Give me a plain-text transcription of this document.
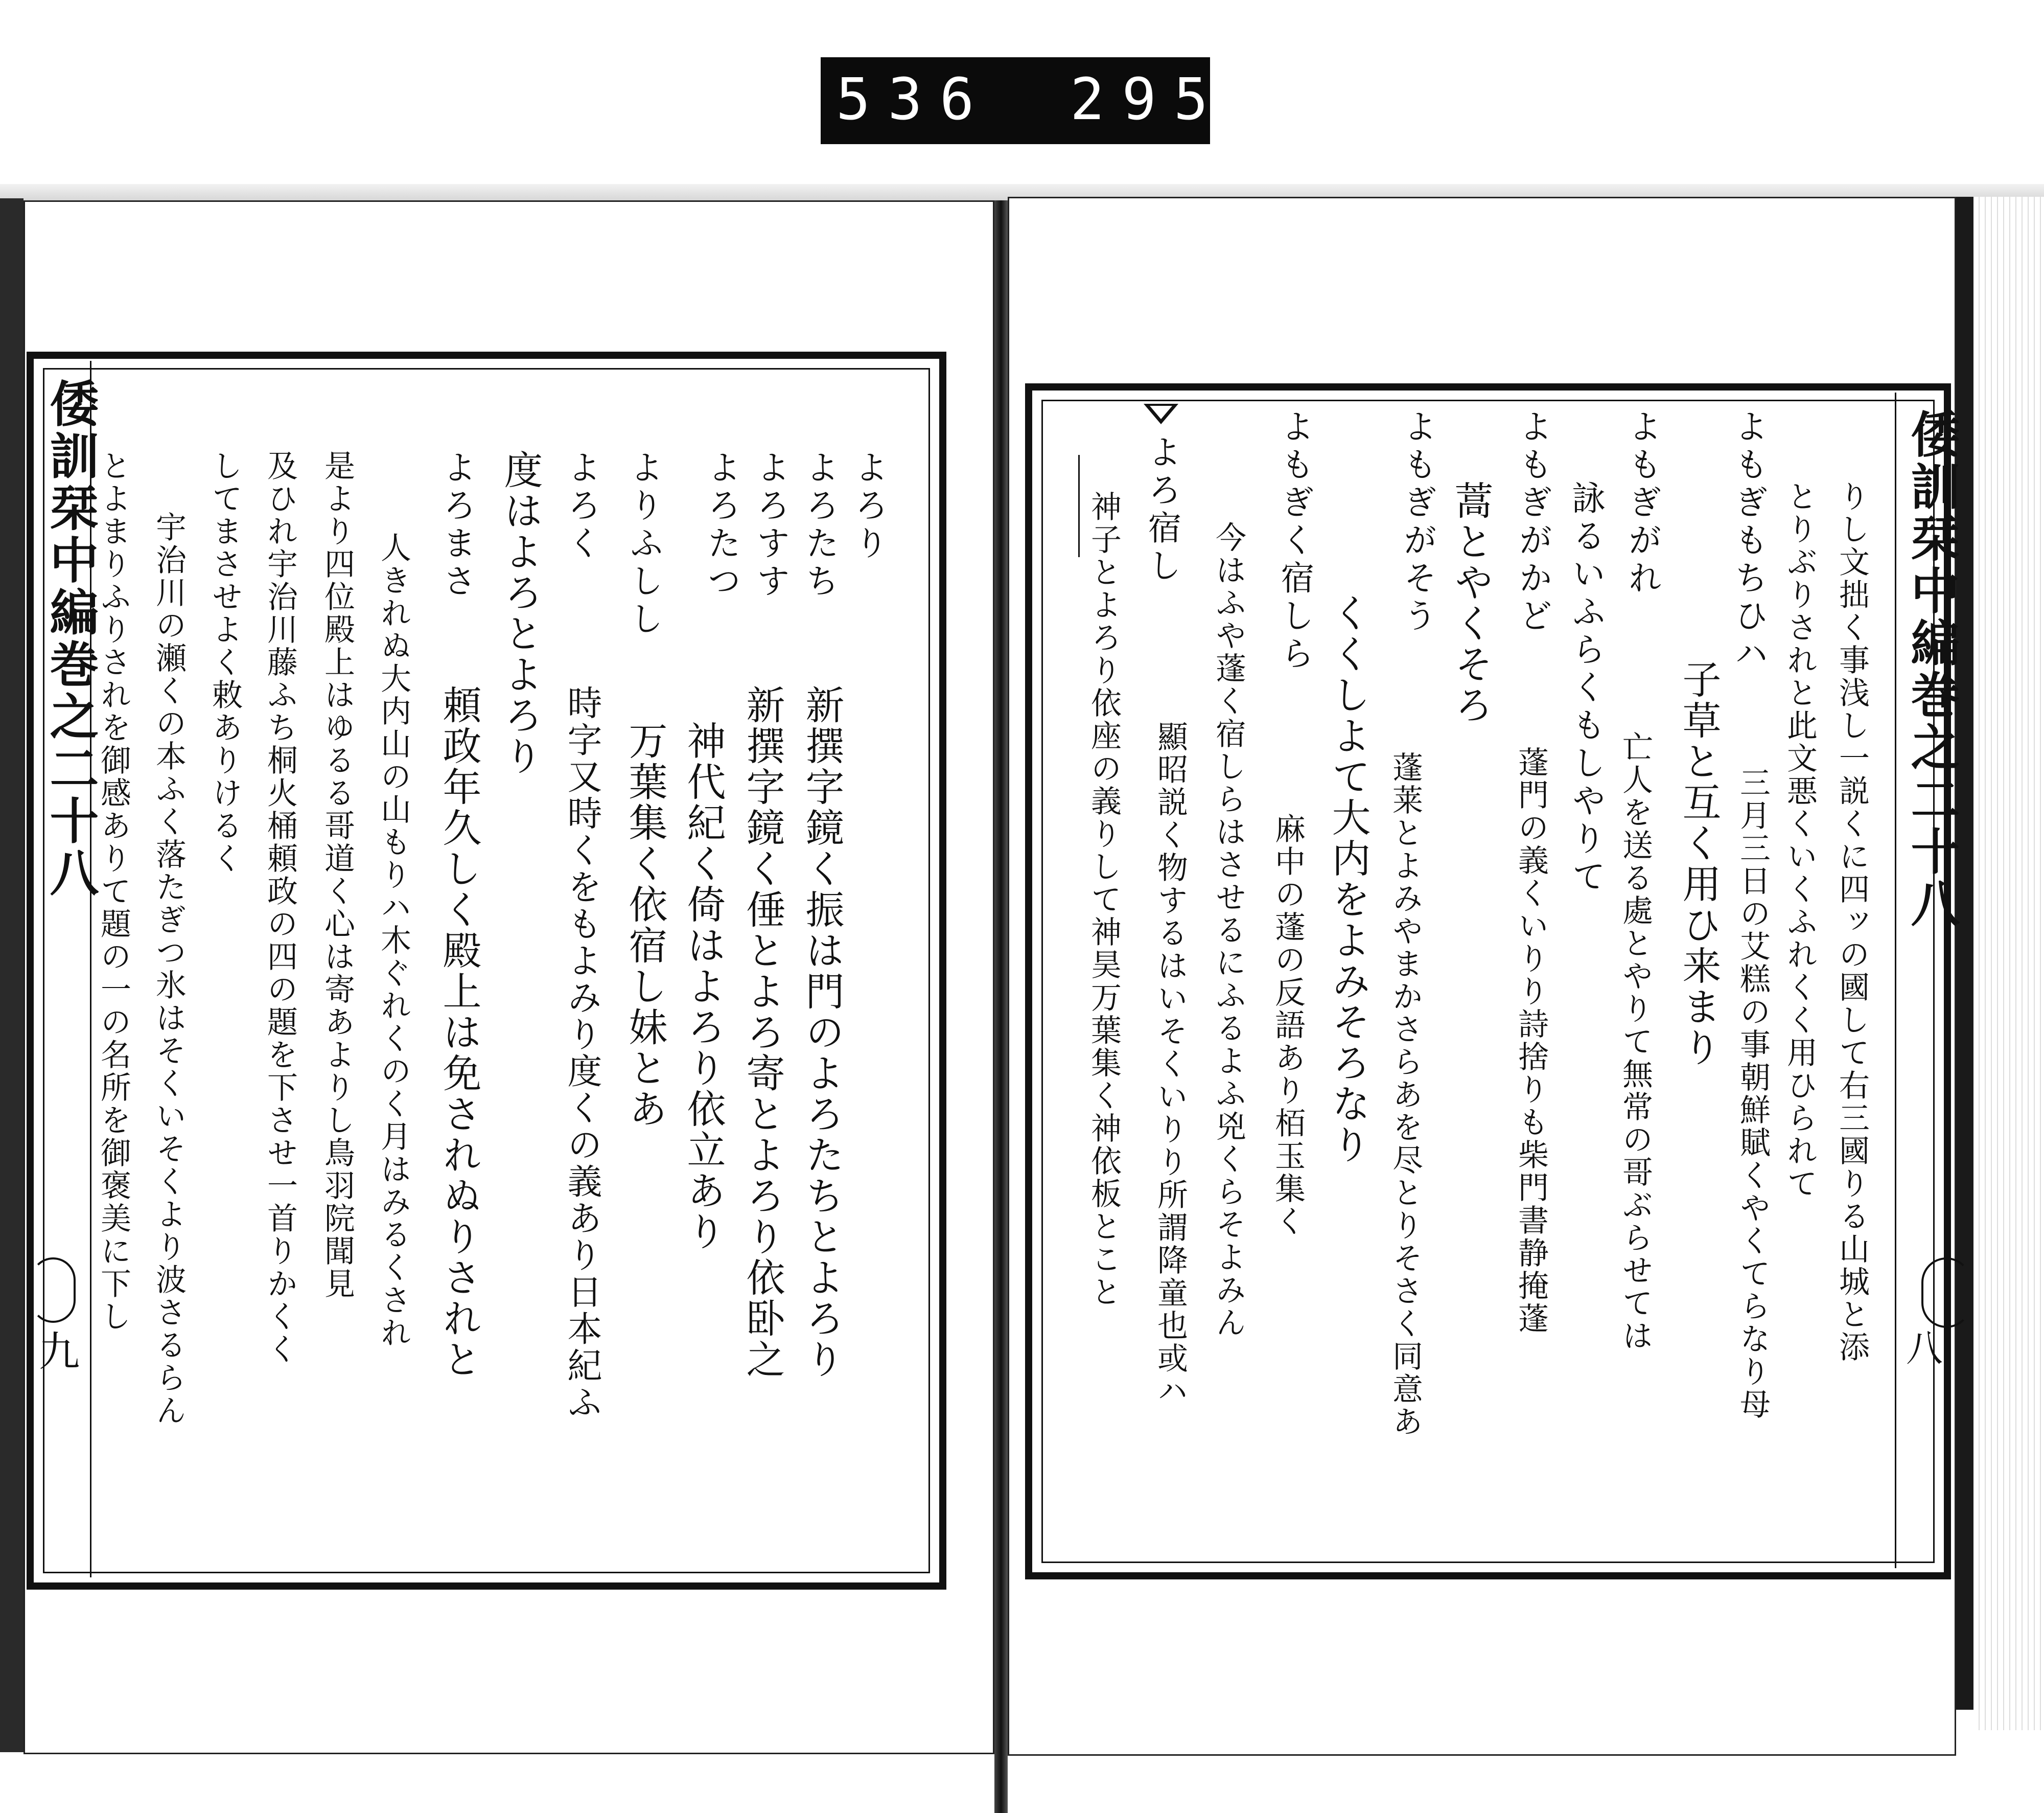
536 295.
倭訓栞中編巻之二十八	倭訓栞中編巻之二十八
九	八
よろり
よろたち
よろすす
よろたつ
よりふしし
よろく
度はよろとよろり
よろまさ
新撰字鏡く振は門のよろたちとよろり
新撰字鏡く倕とよろ寄とよろり依卧之
神代紀く倚はよろり依立あり
万葉集く依宿し妹とあ
時字又時くをもよみり度くの義あり日本紀ふ
頼政年久しく殿上は免されぬりされと
人きれぬ大内山の山もりハ木ぐれくのく月はみるくされ
是より四位殿上はゆるる哥道く心は寄あよりし鳥羽院聞見
及ひれ宇治川藤ふち桐火桶頼政の四の題を下させ一首りかくく
してまさせよく敕ありけるく
宇治川の瀬くの本ふく落たぎつ氷はそくいそくより波さるらん
とよまりふりされを御感ありて題の一の名所を御褒美に下し	りし文拙く事浅し一説くに四ッの國して右三國りる山城と添
とりぶりされと此文悪くいくふれくく用ひられて
よもぎもちひハ
子草と互く用ひ来まり 三月三日の艾糕の事朝鮮賦くやくてらなり母
よもぎがれ
亡人を送る處とやりて無常の哥ぶらせては
詠るいふらくもしやりて
よもぎがかど
蓬門の義くいりり詩捨りも柴門書静掩蓬
蒿とやくそろ
よもぎがそう
蓬莱とよみやまかさらあを尽とりそさく同意あ
よもぎく宿しら
くくしよて大内をよみそろなり
麻中の蓬の反語あり栢玉集く
今はふや蓬く宿しらはさせるにふるよふ兇くらそよみん
よろ宿し
顯昭説く物するはいそくいりり所謂降童也或ハ
神子とよろり依座の義りして神昊万葉集く神依板とこと
